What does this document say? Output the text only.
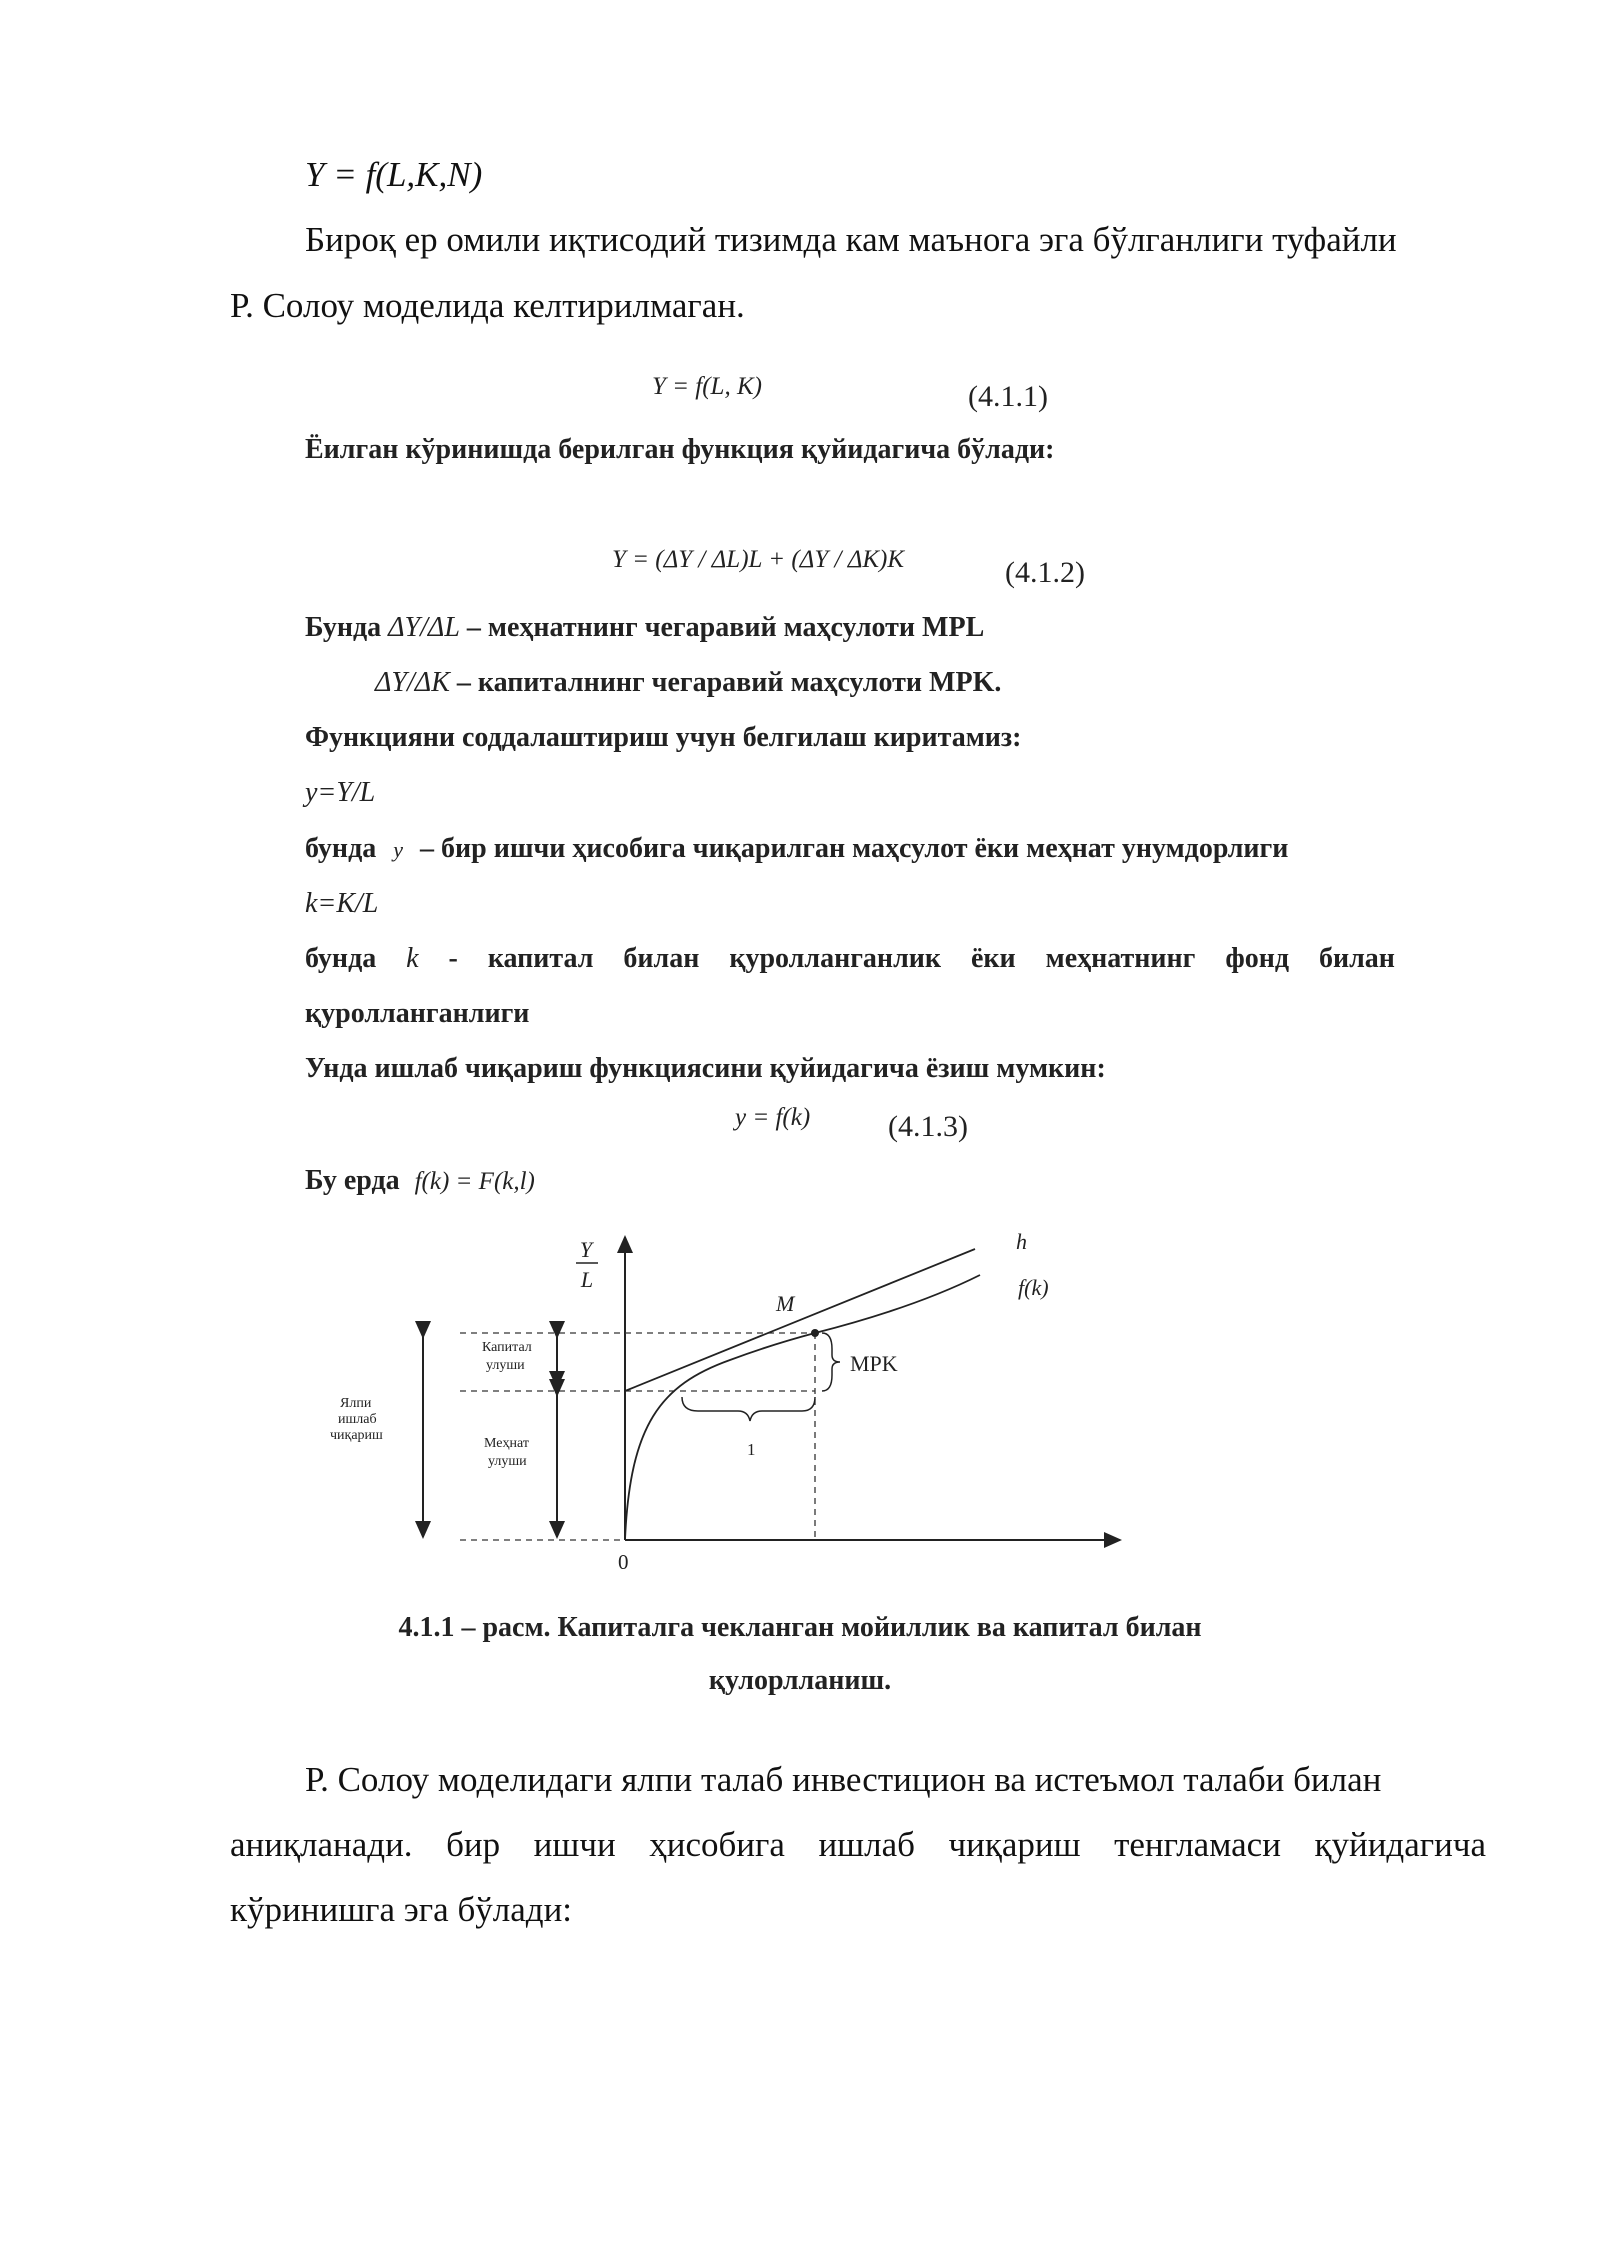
Y = f(L,K,N)
Бироқ ер омили иқтисодий тизимда кам маънога эга бўлганлиги туфайли
Р. Солоу моделида келтирилмаган.
Y = f(L, K)	(4.1.1)
Ёилган кўринишда берилган функция қуйидагича бўлади:
Y = (ΔY / ΔL)L + (ΔY / ΔK)K	(4.1.2)
Бунда ΔY/ΔL – меҳнатнинг чегаравий маҳсулоти MPL
ΔY/ΔK – капиталнинг чегаравий маҳсулоти MPK.
Функцияни соддалаштириш учун белгилаш киритамиз:
y=Y/L
бунда y – бир ишчи ҳисобига чиқарилган маҳсулот ёки меҳнат унумдорлиги
k=K/L
бунда k - капитал билан қуролланганлик ёки меҳнатнинг фонд билан
қуролланганлиги
Унда ишлаб чиқариш функциясини қуйидагича ёзиш мумкин:
y = f(k)	(4.1.3)
Бу ерда f(k) = F(k,l)
Y
L
0
h
f(k)
M
MPK
1
Капитал
улуши
Меҳнат
улуши
Ялпи
ишлаб
чиқариш
4.1.1 – расм. Капиталга чекланган мойиллик ва капитал билан
қулорлланиш.
Р. Солоу моделидаги ялпи талаб инвестицион ва истеъмол талаби билан
аниқланади. бир ишчи ҳисобига ишлаб чиқариш тенгламаси қуйидагича
кўринишга эга бўлади:
